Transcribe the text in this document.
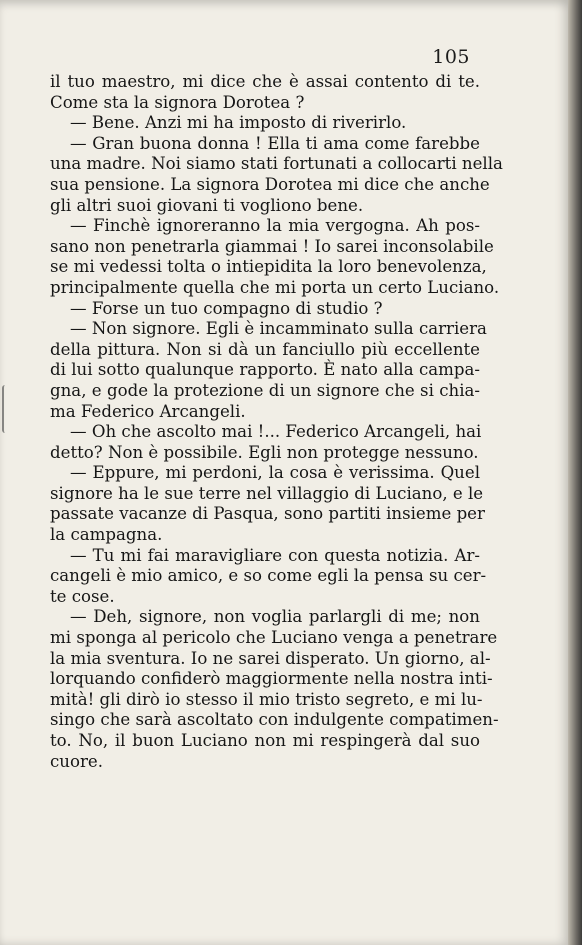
105
il tuo maestro, mi dice che è assai contento di te.
Come sta la signora Dorotea ?
— Bene. Anzi mi ha imposto di riverirlo.
— Gran buona donna ! Ella ti ama come farebbe
una madre. Noi siamo stati fortunati a collocarti nella
sua pensione. La signora Dorotea mi dice che anche
gli altri suoi giovani ti vogliono bene.
— Finchè ignoreranno la mia vergogna. Ah pos-
sano non penetrarla giammai ! Io sarei inconsolabile
se mi vedessi tolta o intiepidita la loro benevolenza,
principalmente quella che mi porta un certo Luciano.
— Forse un tuo compagno di studio ?
— Non signore. Egli è incamminato sulla carriera
della pittura. Non si dà un fanciullo più eccellente
di lui sotto qualunque rapporto. È nato alla campa-
gna, e gode la protezione di un signore che si chia-
ma Federico Arcangeli.
— Oh che ascolto mai !... Federico Arcangeli, hai
detto? Non è possibile. Egli non protegge nessuno.
— Eppure, mi perdoni, la cosa è verissima. Quel
signore ha le sue terre nel villaggio di Luciano, e le
passate vacanze di Pasqua, sono partiti insieme per
la campagna.
— Tu mi fai maravigliare con questa notizia. Ar-
cangeli è mio amico, e so come egli la pensa su cer-
te cose.
— Deh, signore, non voglia parlargli di me; non
mi sponga al pericolo che Luciano venga a penetrare
la mia sventura. Io ne sarei disperato. Un giorno, al-
lorquando confiderò maggiormente nella nostra inti-
mità! gli dirò io stesso il mio tristo segreto, e mi lu-
singo che sarà ascoltato con indulgente compatimen-
to. No, il buon Luciano non mi respingerà dal suo
cuore.
